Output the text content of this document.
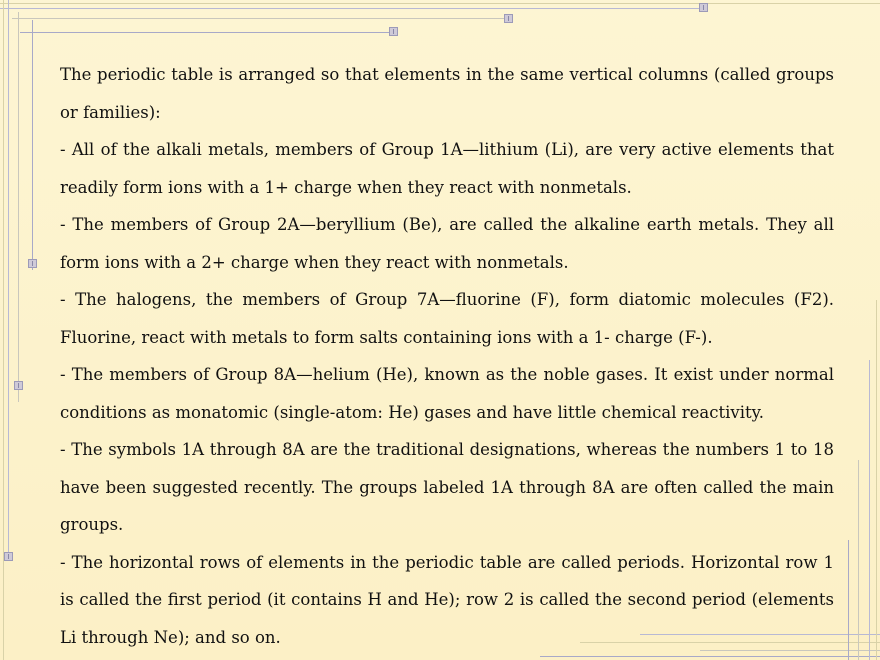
The periodic table is arranged so that elements in the same vertical columns (called groups or families):

- All of the alkali metals, members of Group 1A—lithium (Li), are very active elements that readily form ions with a 1+ charge when they react with nonmetals.

- The members of Group 2A—beryllium (Be), are called the alkaline earth metals. They all form ions with a 2+ charge when they react with nonmetals.

- The halogens, the members of Group 7A—fluorine (F), form diatomic molecules (F2). Fluorine, react with metals to form salts containing ions with a 1- charge (F-).

- The members of Group 8A—helium (He), known as the noble gases. It exist under normal conditions as monatomic (single-atom: He) gases and have little chemical reactivity.

- The symbols 1A through 8A are the traditional designations, whereas the numbers 1 to 18 have been suggested recently. The groups labeled 1A through 8A are often called the main groups.

- The horizontal rows of elements in the periodic table are called periods. Horizontal row 1 is called the first period (it contains H and He); row 2 is called the second period (elements Li through Ne); and so on.
